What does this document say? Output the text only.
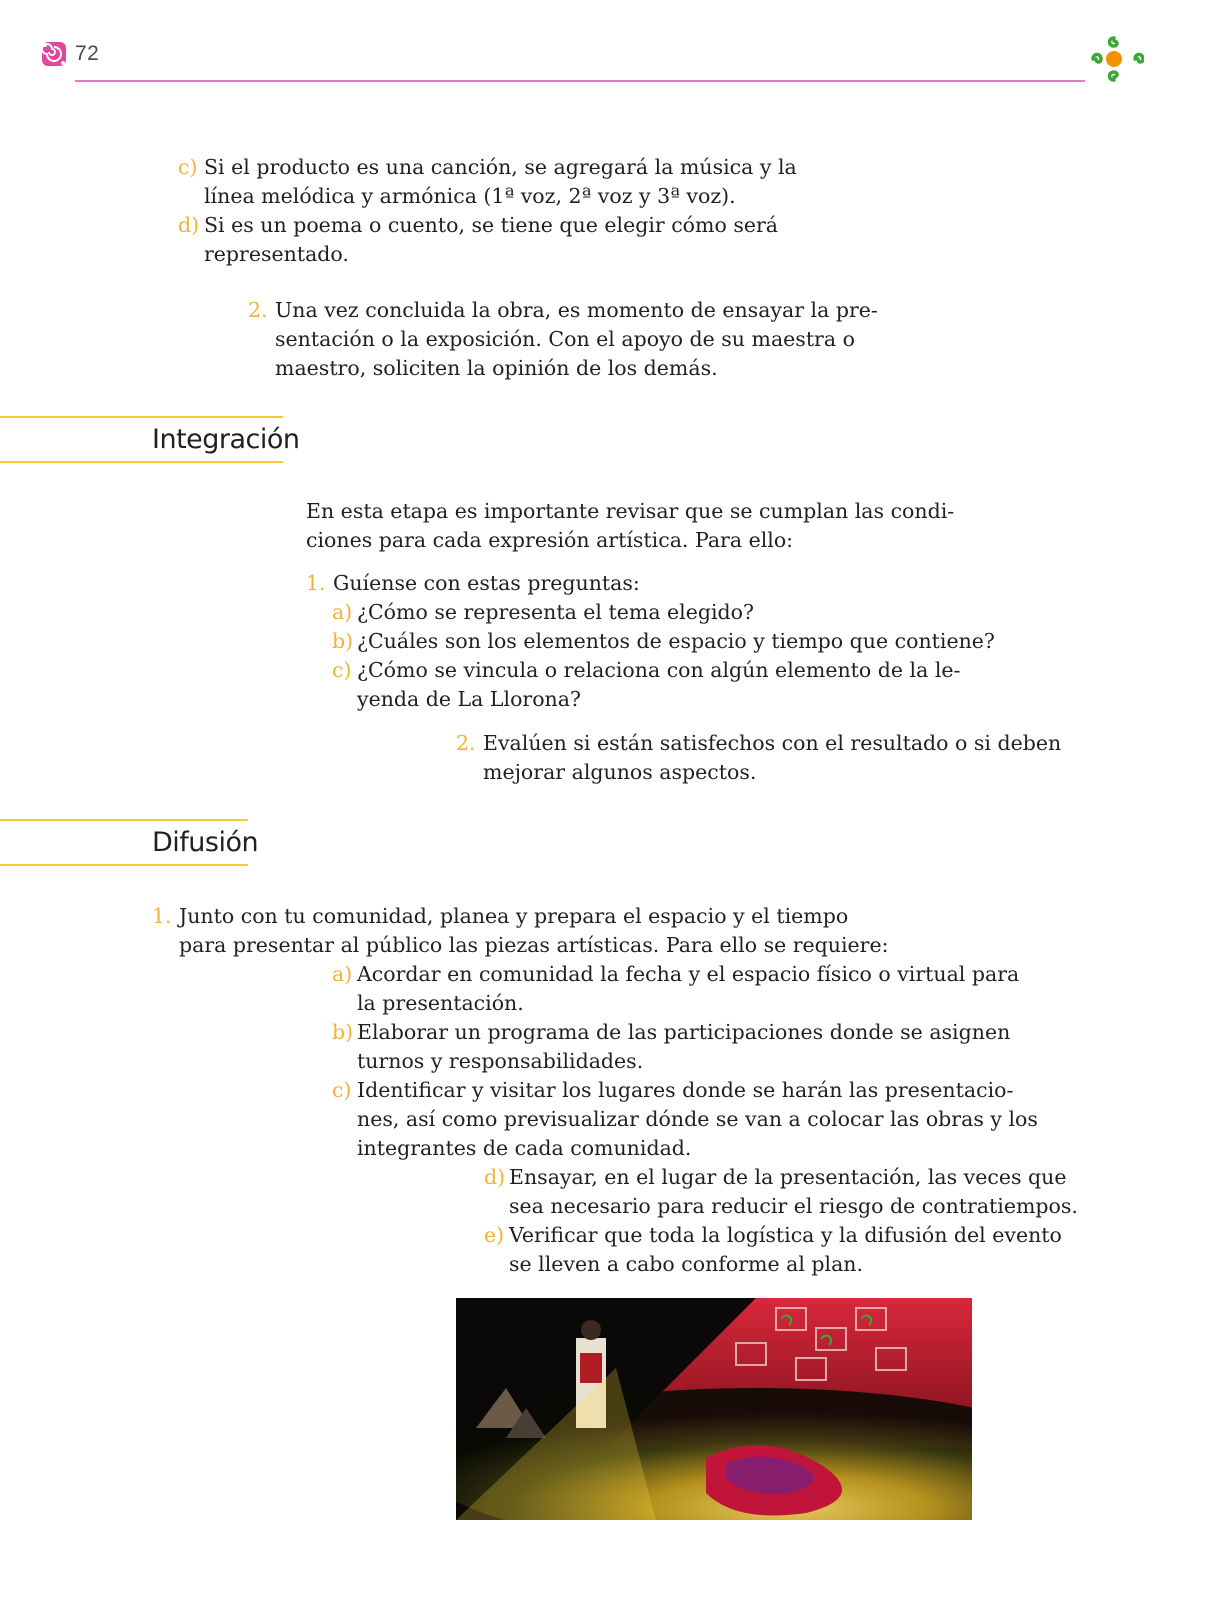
72
c) Si el producto es una canción, se agregará la música y la
línea melódica y armónica (1ª voz, 2ª voz y 3ª voz).
d) Si es un poema o cuento, se tiene que elegir cómo será
representado.
2. Una vez concluida la obra, es momento de ensayar la pre-
sentación o la exposición. Con el apoyo de su maestra o
maestro, soliciten la opinión de los demás.
Integración
En esta etapa es importante revisar que se cumplan las condi-
ciones para cada expresión artística. Para ello:
1. Guíense con estas preguntas:
a) ¿Cómo se representa el tema elegido?
b) ¿Cuáles son los elementos de espacio y tiempo que contiene?
c) ¿Cómo se vincula o relaciona con algún elemento de la le-
yenda de La Llorona?
2. Evalúen si están satisfechos con el resultado o si deben
mejorar algunos aspectos.
Difusión
1. Junto con tu comunidad, planea y prepara el espacio y el tiempo
para presentar al público las piezas artísticas. Para ello se requiere:
a) Acordar en comunidad la fecha y el espacio físico o virtual para
la presentación.
b) Elaborar un programa de las participaciones donde se asignen
turnos y responsabilidades.
c) Identificar y visitar los lugares donde se harán las presentacio-
nes, así como previsualizar dónde se van a colocar las obras y los
integrantes de cada comunidad.
d) Ensayar, en el lugar de la presentación, las veces que
sea necesario para reducir el riesgo de contratiempos.
e) Verificar que toda la logística y la difusión del evento
se lleven a cabo conforme al plan.
